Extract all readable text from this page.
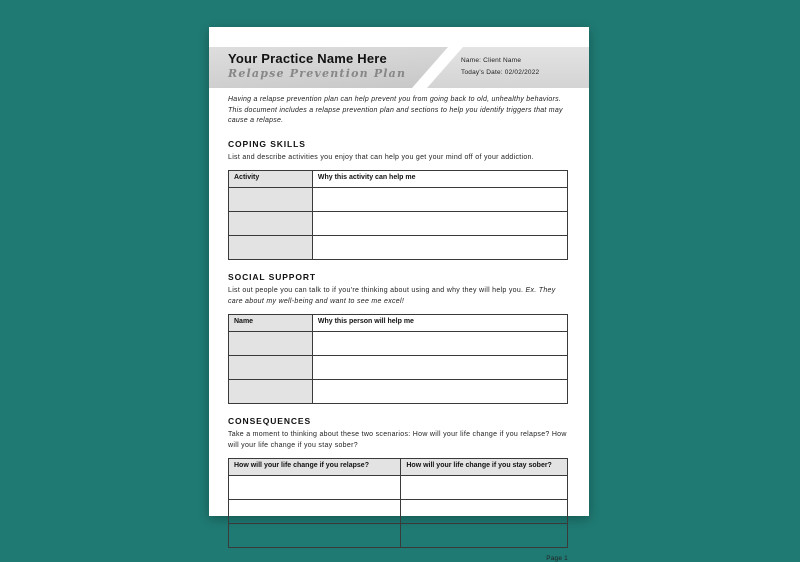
Your Practice Name Here
Relapse Prevention Plan
Name: Client Name
Today's Date: 02/02/2022

Having a relapse prevention plan can help prevent you from going back to old, unhealthy behaviors. This document includes a relapse prevention plan and sections to help you identify triggers that may cause a relapse.

COPING SKILLS

List and describe activities you enjoy that can help you get your mind off of your addiction.

Activity	Why this activity can help me

SOCIAL SUPPORT

List out people you can talk to if you're thinking about using and why they will help you. Ex. They care about my well-being and want to see me excel!

Name	Why this person will help me

CONSEQUENCES

Take a moment to thinking about these two scenarios: How will your life change if you relapse? How will your life change if you stay sober?

How will your life change if you relapse?	How will your life change if you stay sober?

Page 1
